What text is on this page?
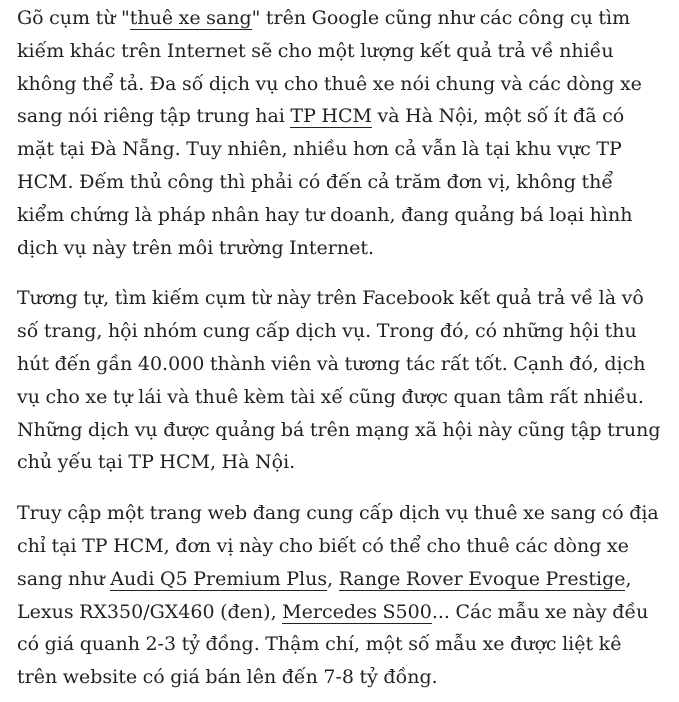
Gõ cụm từ "thuê xe sang" trên Google cũng như các công cụ tìm kiếm khác trên Internet sẽ cho một lượng kết quả trả về nhiều không thể tả. Đa số dịch vụ cho thuê xe nói chung và các dòng xe sang nói riêng tập trung hai TP HCM và Hà Nội, một số ít đã có mặt tại Đà Nẵng. Tuy nhiên, nhiều hơn cả vẫn là tại khu vực TP HCM. Đếm thủ công thì phải có đến cả trăm đơn vị, không thể kiểm chứng là pháp nhân hay tư doanh, đang quảng bá loại hình dịch vụ này trên môi trường Internet.

Tương tự, tìm kiếm cụm từ này trên Facebook kết quả trả về là vô số trang, hội nhóm cung cấp dịch vụ. Trong đó, có những hội thu hút đến gần 40.000 thành viên và tương tác rất tốt. Cạnh đó, dịch vụ cho xe tự lái và thuê kèm tài xế cũng được quan tâm rất nhiều. Những dịch vụ được quảng bá trên mạng xã hội này cũng tập trung chủ yếu tại TP HCM, Hà Nội.

Truy cập một trang web đang cung cấp dịch vụ thuê xe sang có địa chỉ tại TP HCM, đơn vị này cho biết có thể cho thuê các dòng xe sang như Audi Q5 Premium Plus, Range Rover Evoque Prestige, Lexus RX350/GX460 (đen), Mercedes S500... Các mẫu xe này đều có giá quanh 2-3 tỷ đồng. Thậm chí, một số mẫu xe được liệt kê trên website có giá bán lên đến 7-8 tỷ đồng.
